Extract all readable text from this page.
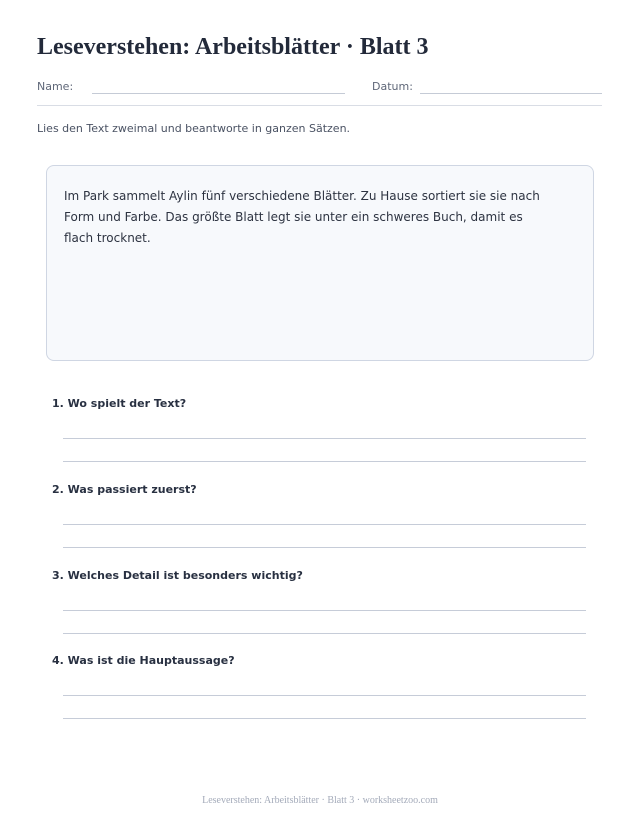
Leseverstehen: Arbeitsblätter · Blatt 3
Name:	Datum:
Lies den Text zweimal und beantworte in ganzen Sätzen.

Im Park sammelt Aylin fünf verschiedene Blätter. Zu Hause sortiert sie sie nach Form und Farbe. Das größte Blatt legt sie unter ein schweres Buch, damit es flach trocknet.

1. Wo spielt der Text?
2. Was passiert zuerst?
3. Welches Detail ist besonders wichtig?
4. Was ist die Hauptaussage?
Leseverstehen: Arbeitsblätter · Blatt 3 · worksheetzoo.com
